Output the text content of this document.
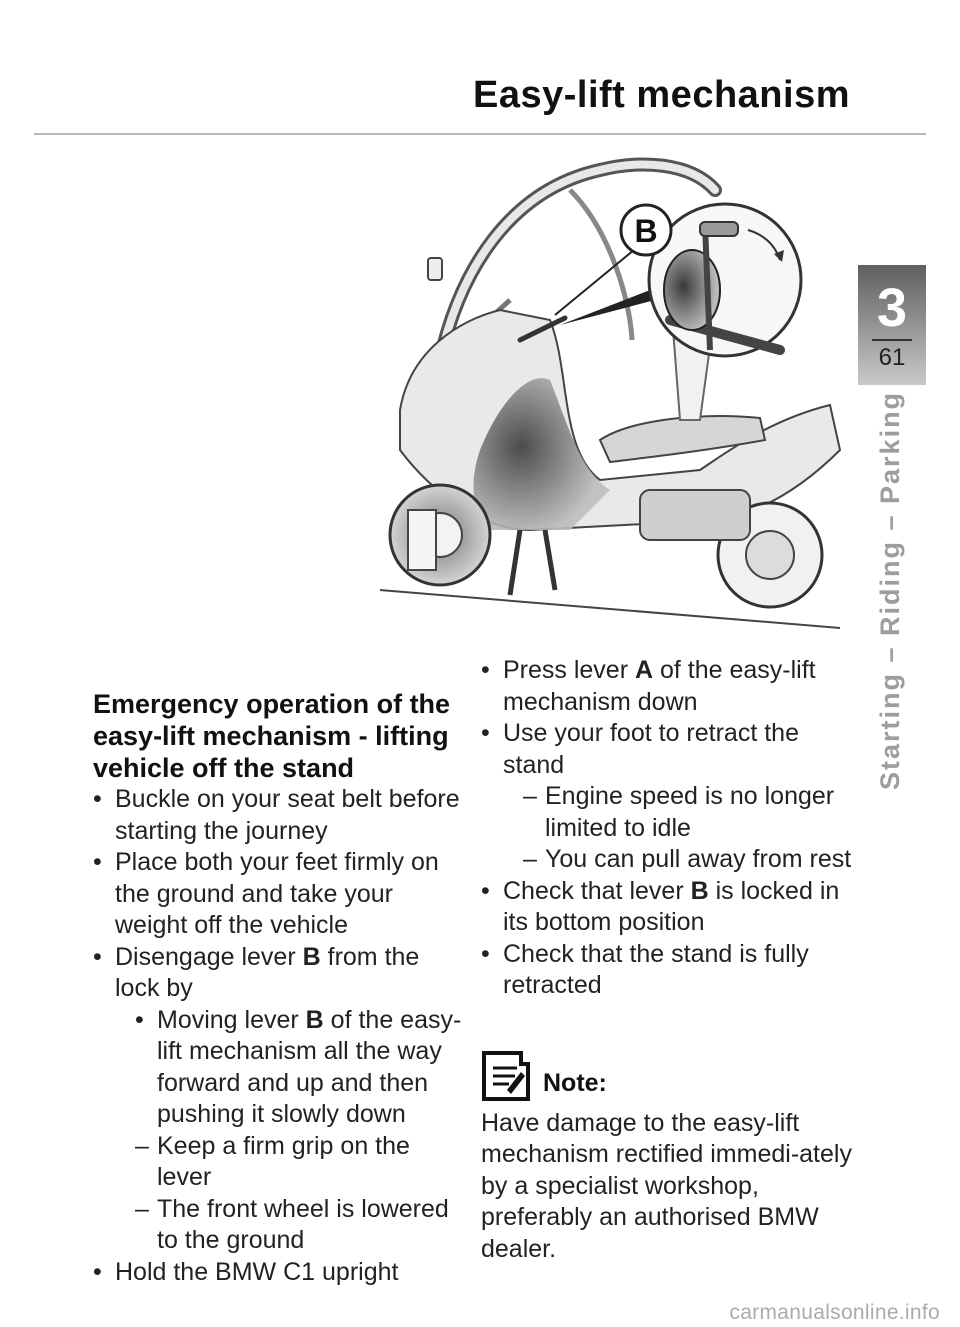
Easy-lift mechanism
3
61
Starting – Riding – Parking
B
Emergency operation of the easy-lift mechanism - lifting vehicle off the stand
• Buckle on your seat belt before starting the journey
• Place both your feet firmly on the ground and take your weight off the vehicle
• Disengage lever B from the lock by
• Moving lever B of the easy-lift mechanism all the way forward and up and then pushing it slowly down
– Keep a firm grip on the lever
– The front wheel is lowered to the ground
• Hold the BMW C1 upright
• Press lever A of the easy-lift mechanism down
• Use your foot to retract the stand
– Engine speed is no longer limited to idle
– You can pull away from rest
• Check that lever B is locked in its bottom position
• Check that the stand is fully retracted
Note:
Have damage to the easy-lift mechanism rectified immedi-ately by a specialist workshop, preferably an authorised BMW dealer.
carmanualsonline.info
